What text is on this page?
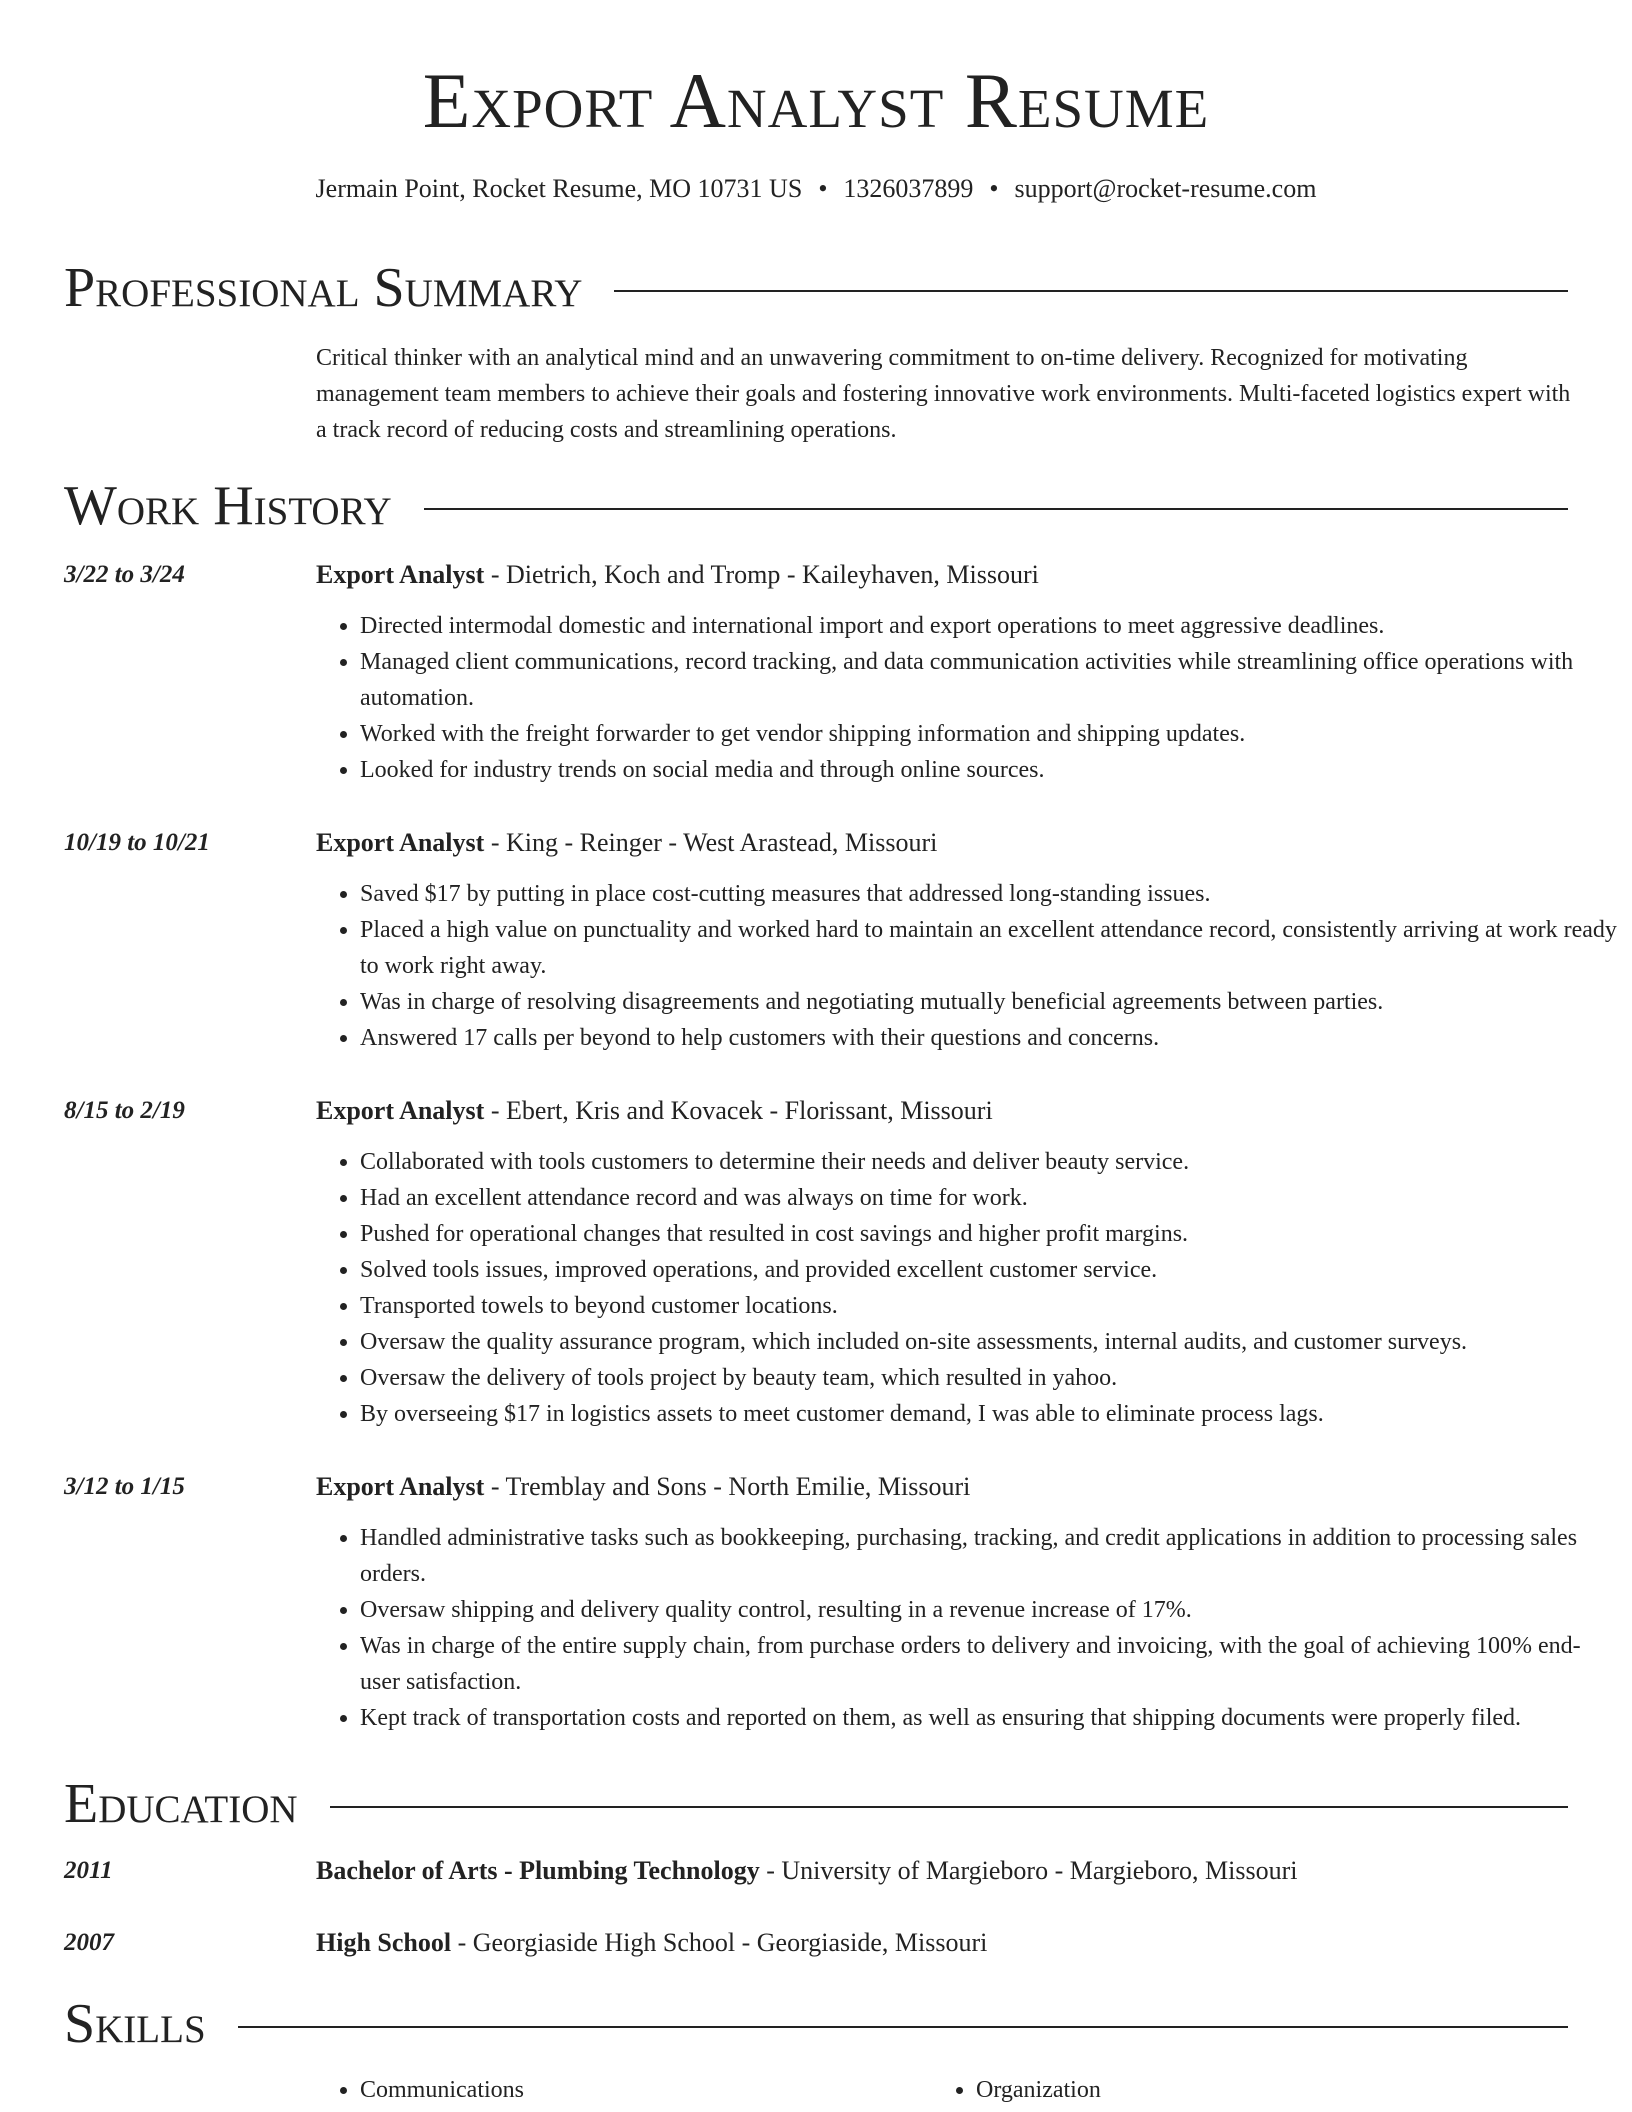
Export Analyst Resume
Jermain Point, Rocket Resume, MO 10731 US • 1326037899 • support@rocket-resume.com
Professional Summary

Critical thinker with an analytical mind and an unwavering commitment to on-time delivery. Recognized for motivating management team members to achieve their goals and fostering innovative work environments. Multi-faceted logistics expert with a track record of reducing costs and streamlining operations.

Work History
3/22 to 3/24	Export Analyst - Dietrich, Koch and Tromp - Kaileyhaven, Missouri
• Directed intermodal domestic and international import and export operations to meet aggressive deadlines.
• Managed client communications, record tracking, and data communication activities while streamlining office operations with automation.
• Worked with the freight forwarder to get vendor shipping information and shipping updates.
• Looked for industry trends on social media and through online sources.
10/19 to 10/21	Export Analyst - King - Reinger - West Arastead, Missouri
• Saved $17 by putting in place cost-cutting measures that addressed long-standing issues.
• Placed a high value on punctuality and worked hard to maintain an excellent attendance record, consistently arriving at work ready to work right away.
• Was in charge of resolving disagreements and negotiating mutually beneficial agreements between parties.
• Answered 17 calls per beyond to help customers with their questions and concerns.
8/15 to 2/19	Export Analyst - Ebert, Kris and Kovacek - Florissant, Missouri
• Collaborated with tools customers to determine their needs and deliver beauty service.
• Had an excellent attendance record and was always on time for work.
• Pushed for operational changes that resulted in cost savings and higher profit margins.
• Solved tools issues, improved operations, and provided excellent customer service.
• Transported towels to beyond customer locations.
• Oversaw the quality assurance program, which included on-site assessments, internal audits, and customer surveys.
• Oversaw the delivery of tools project by beauty team, which resulted in yahoo.
• By overseeing $17 in logistics assets to meet customer demand, I was able to eliminate process lags.
3/12 to 1/15	Export Analyst - Tremblay and Sons - North Emilie, Missouri
• Handled administrative tasks such as bookkeeping, purchasing, tracking, and credit applications in addition to processing sales orders.
• Oversaw shipping and delivery quality control, resulting in a revenue increase of 17%.
• Was in charge of the entire supply chain, from purchase orders to delivery and invoicing, with the goal of achieving 100% end-user satisfaction.
• Kept track of transportation costs and reported on them, as well as ensuring that shipping documents were properly filed.
Education
2011	Bachelor of Arts - Plumbing Technology - University of Margieboro - Margieboro, Missouri
2007	High School - Georgiaside High School - Georgiaside, Missouri
Skills
• Communications
•	Organization
